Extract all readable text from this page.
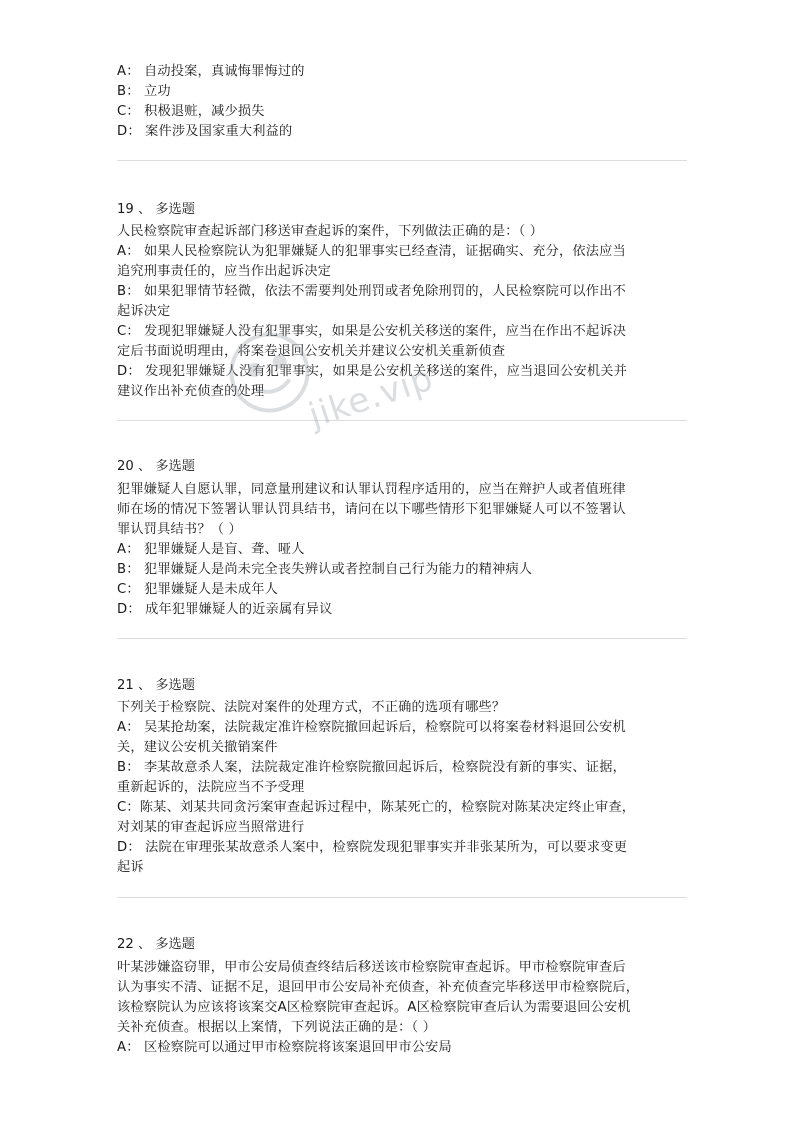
A： 自动投案，真诚悔罪悔过的
B： 立功
C： 积极退赃，减少损失
D： 案件涉及国家重大利益的
19 、 多选题
人民检察院审查起诉部门移送审查起诉的案件，下列做法正确的是：（ ）
A： 如果人民检察院认为犯罪嫌疑人的犯罪事实已经查清，证据确实、充分，依法应当
追究刑事责任的，应当作出起诉决定
B： 如果犯罪情节轻微，依法不需要判处刑罚或者免除刑罚的，人民检察院可以作出不
起诉决定
C： 发现犯罪嫌疑人没有犯罪事实，如果是公安机关移送的案件，应当在作出不起诉决
定后书面说明理由，将案卷退回公安机关并建议公安机关重新侦查
D： 发现犯罪嫌疑人没有犯罪事实，如果是公安机关移送的案件，应当退回公安机关并
建议作出补充侦查的处理
20 、 多选题
犯罪嫌疑人自愿认罪，同意量刑建议和认罪认罚程序适用的，应当在辩护人或者值班律
师在场的情况下签署认罪认罚具结书，请问在以下哪些情形下犯罪嫌疑人可以不签署认
罪认罚具结书？（ ）
A： 犯罪嫌疑人是盲、聋、哑人
B： 犯罪嫌疑人是尚未完全丧失辨认或者控制自己行为能力的精神病人
C： 犯罪嫌疑人是未成年人
D： 成年犯罪嫌疑人的近亲属有异议
21 、 多选题
下列关于检察院、法院对案件的处理方式，不正确的选项有哪些？
A： 吴某抢劫案，法院裁定准许检察院撤回起诉后，检察院可以将案卷材料退回公安机
关，建议公安机关撤销案件
B： 李某故意杀人案，法院裁定准许检察院撤回起诉后，检察院没有新的事实、证据，
重新起诉的，法院应当不予受理
C：陈某、刘某共同贪污案审查起诉过程中，陈某死亡的，检察院对陈某决定终止审查，
对刘某的审查起诉应当照常进行
D： 法院在审理张某故意杀人案中，检察院发现犯罪事实并非张某所为，可以要求变更
起诉
22 、 多选题
叶某涉嫌盗窃罪，甲市公安局侦查终结后移送该市检察院审查起诉。甲市检察院审查后
认为事实不清、证据不足，退回甲市公安局补充侦查，补充侦查完毕移送甲市检察院后，
该检察院认为应该将该案交A区检察院审查起诉。A区检察院审查后认为需要退回公安机
关补充侦查。根据以上案情，下列说法正确的是：（ ）
A： 区检察院可以通过甲市检察院将该案退回甲市公安局
jike.vip
